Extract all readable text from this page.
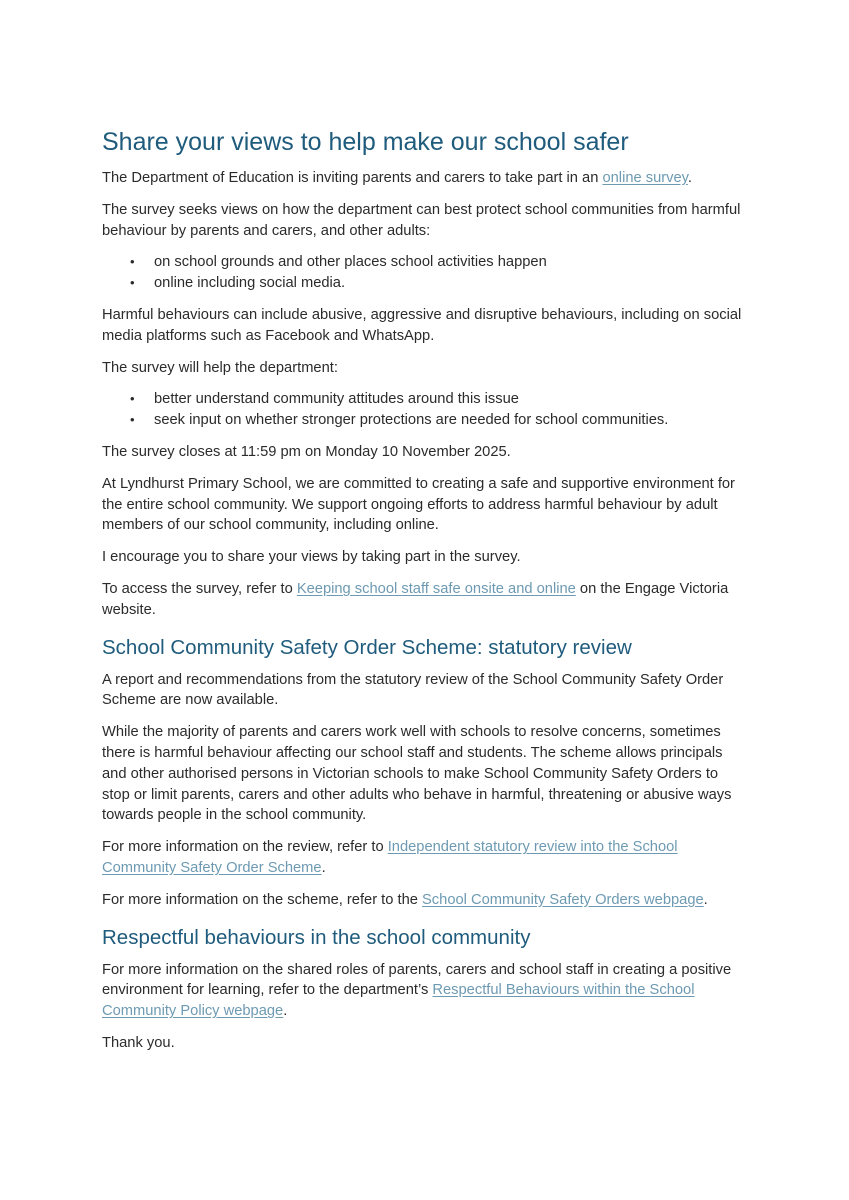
Share your views to help make our school safer

The Department of Education is inviting parents and carers to take part in an online survey.

The survey seeks views on how the department can best protect school communities from harmful behaviour by parents and carers, and other adults:

•	on school grounds and other places school activities happen
•	online including social media.

Harmful behaviours can include abusive, aggressive and disruptive behaviours, including on social media platforms such as Facebook and WhatsApp.

The survey will help the department:

•	better understand community attitudes around this issue
•	seek input on whether stronger protections are needed for school communities.

The survey closes at 11:59 pm on Monday 10 November 2025.

At Lyndhurst Primary School, we are committed to creating a safe and supportive environment for the entire school community. We support ongoing efforts to address harmful behaviour by adult members of our school community, including online.

I encourage you to share your views by taking part in the survey.

To access the survey, refer to Keeping school staff safe onsite and online on the Engage Victoria website.

School Community Safety Order Scheme: statutory review

A report and recommendations from the statutory review of the School Community Safety Order Scheme are now available.

While the majority of parents and carers work well with schools to resolve concerns, sometimes there is harmful behaviour affecting our school staff and students. The scheme allows principals and other authorised persons in Victorian schools to make School Community Safety Orders to stop or limit parents, carers and other adults who behave in harmful, threatening or abusive ways towards people in the school community.

For more information on the review, refer to Independent statutory review into the School Community Safety Order Scheme.

For more information on the scheme, refer to the School Community Safety Orders webpage.

Respectful behaviours in the school community

For more information on the shared roles of parents, carers and school staff in creating a positive environment for learning, refer to the department’s Respectful Behaviours within the School Community Policy webpage.

Thank you.
